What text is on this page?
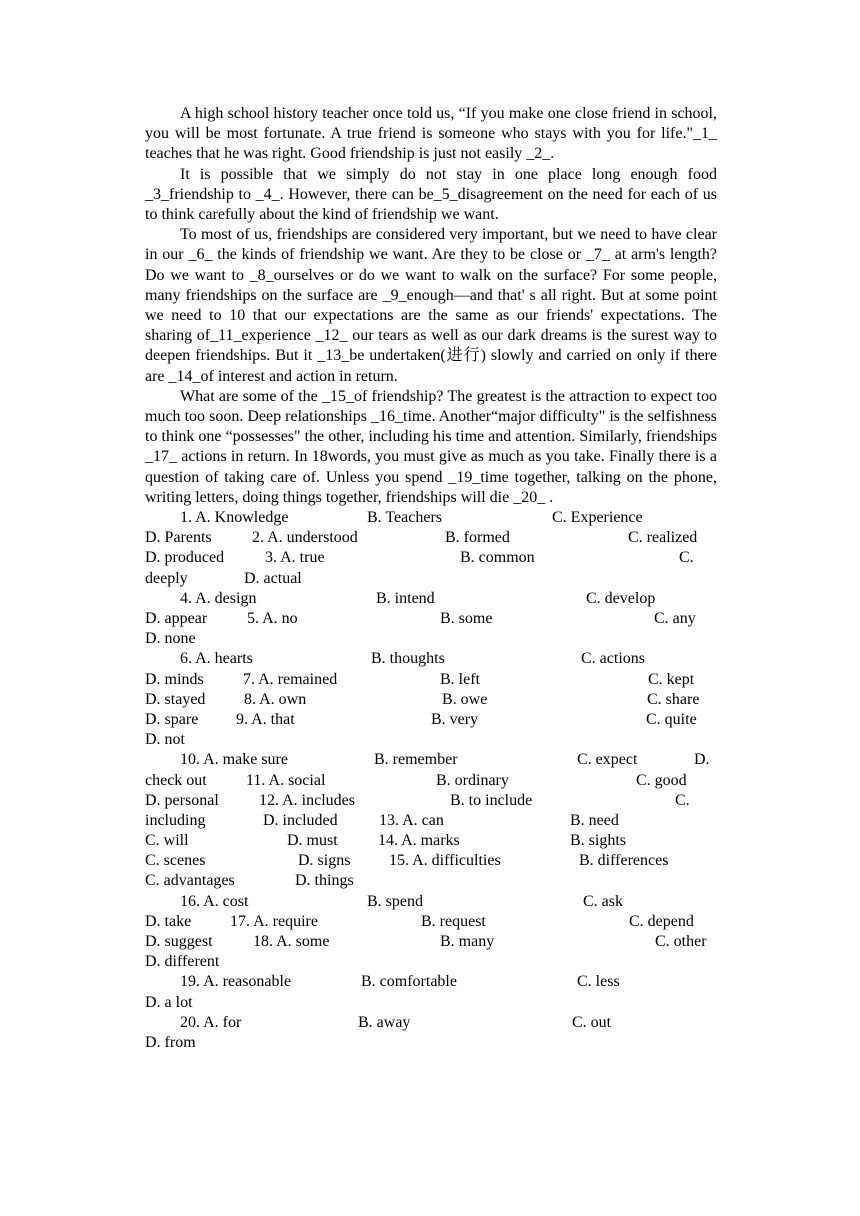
A high school history teacher once told us, “If you make one close friend in school, you will be most fortunate. A true friend is someone who stays with you for life."_1_ teaches that he was right. Good friendship is just not easily _2_.

It is possible that we simply do not stay in one place long enough food _3_friendship to _4_. However, there can be_5_disagreement on the need for each of us to think carefully about the kind of friendship we want.

To most of us, friendships are considered very important, but we need to have clear in our _6_ the kinds of friendship we want. Are they to be close or _7_ at arm's length? Do we want to _8_ourselves or do we want to walk on the surface? For some people, many friendships on the surface are _9_enough—and that' s all right. But at some point we need to 10 that our expectations are the same as our friends' expectations. The sharing of_11_experience _12_ our tears as well as our dark dreams is the surest way to deepen friendships. But it _13_be undertaken(进行) slowly and carried on only if there are _14_of interest and action in return.

What are some of the _15_of friendship? The greatest is the attraction to expect too much too soon. Deep relationships _16_time. Another“major difficulty" is the selfishness to think one “possesses" the other, including his time and attention. Similarly, friendships _17_ actions in return. In 18words, you must give as much as you take. Finally there is a question of taking care of. Unless you spend _19_time together, talking on the phone, writing letters, doing things together, friendships will die _20_ .

1. A. Knowledge

	B. Teachers

	C. Experience

D. Parents

	2. A. understood

	B. formed

	C. realized

D. produced

	3. A. true

	B. common

	C.

deeply

	D. actual

4. A. design

	B. intend

	C. develop

D. appear

5. A. no

	B. some

	C. any

D. none

6. A. hearts

	B. thoughts

	C. actions

D. minds

7. A. remained

	B. left

	C. kept

D. stayed

8. A. own

	B. owe

	C. share

D. spare

9. A. that

	B. very

	C. quite

D. not

10. A. make sure

	B. remember

	C. expect

	D.

check out

11. A. social

	B. ordinary

	C. good

D. personal

	12. A. includes

	B. to include

	C.

including

	D. included

	13. A. can

	B. need

C. will

	D. must

	14. A. marks

	B. sights

C. scenes

	D. signs

15. A. difficulties

	B. differences

C. advantages

	D. things

16. A. cost

	B. spend

	C. ask

D. take

17. A. require

	B. request

	C. depend

D. suggest

	18. A. some

	B. many

	C. other

D. different

19. A. reasonable

	B. comfortable

	C. less

D. a lot

20. A. for

	B. away

	C. out

D. from
